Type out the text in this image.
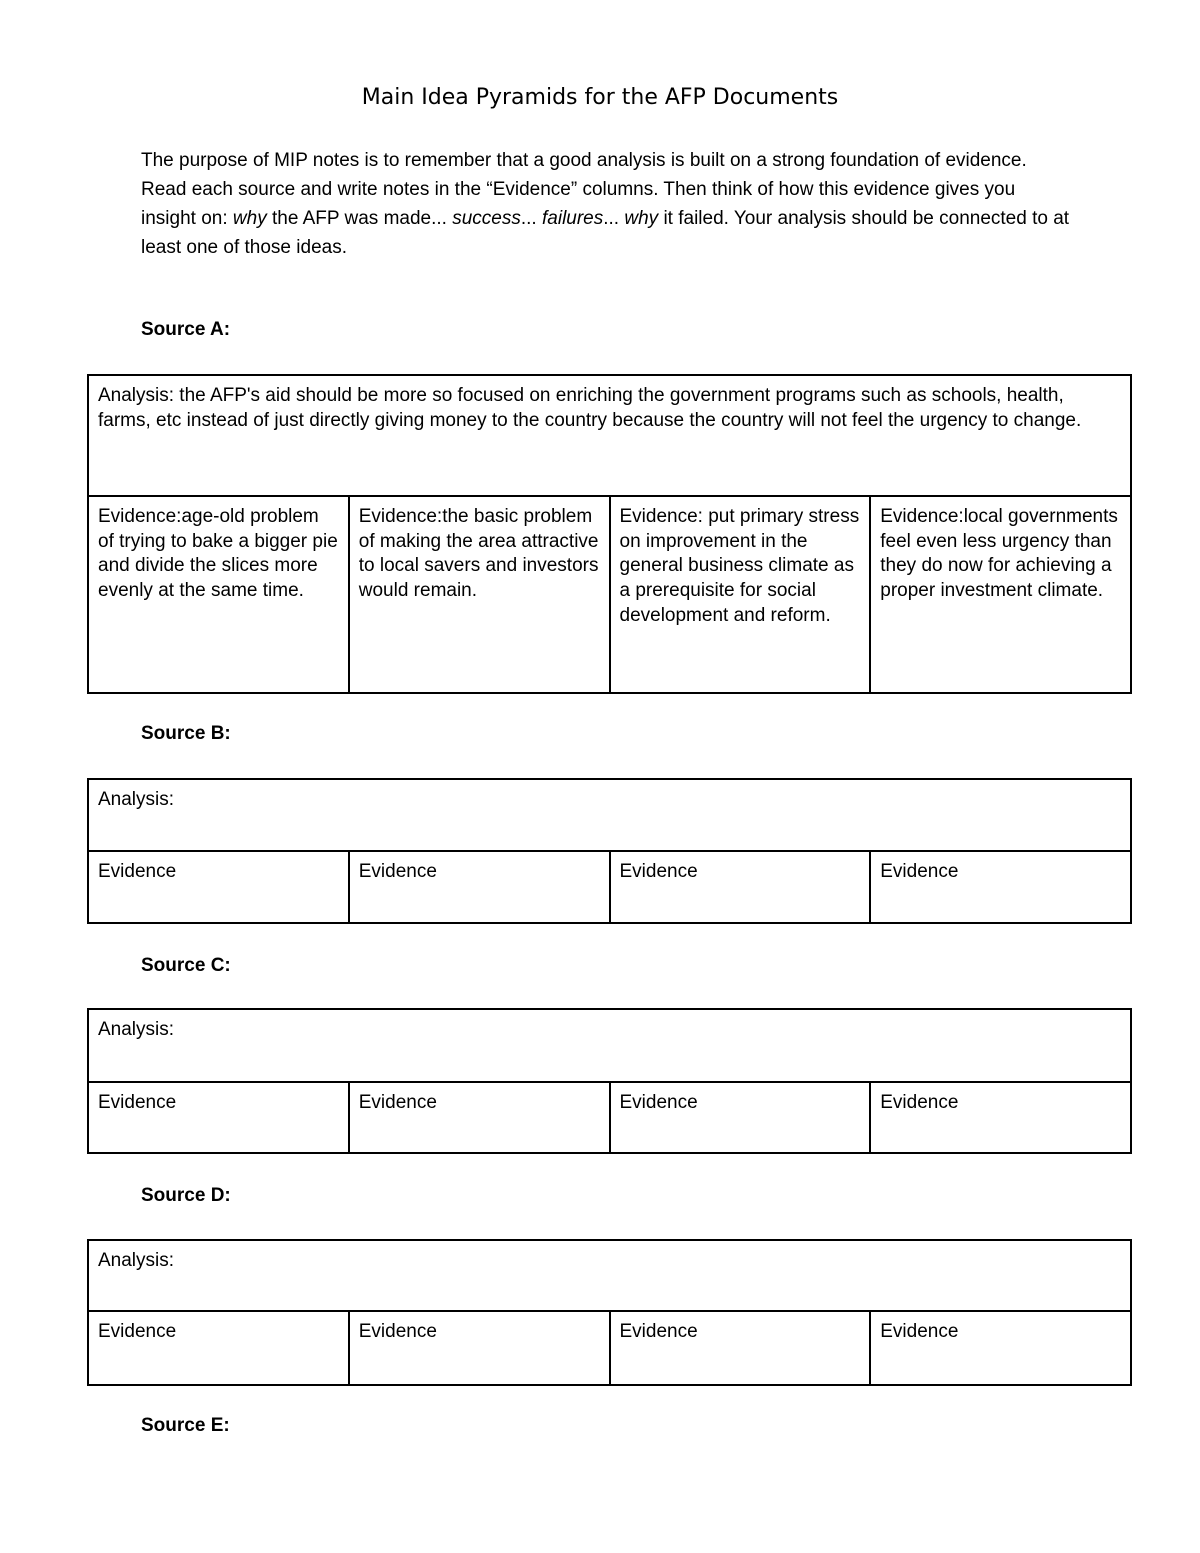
Main Idea Pyramids for the AFP Documents

The purpose of MIP notes is to remember that a good analysis is built on a strong foundation of evidence. Read each source and write notes in the “Evidence” columns. Then think of how this evidence gives you insight on: why the AFP was made... success... failures... why it failed. Your analysis should be connected to at least one of those ideas.

Source A:

Analysis: the AFP's aid should be more so focused on enriching the government programs such as schools, health, farms, etc instead of just directly giving money to the country because the country will not feel the urgency to change.
Evidence:age-old problem of trying to bake a bigger pie and divide the slices more evenly at the same time.	Evidence:the basic problem of making the area attractive to local savers and investors would remain.	Evidence: put primary stress on improvement in the general business climate as a prerequisite for social development and reform.	Evidence:local governments feel even less urgency than they do now for achieving a proper investment climate.

Source B:

Analysis:
Evidence	Evidence	Evidence	Evidence

Source C:

Analysis:
Evidence	Evidence	Evidence	Evidence

Source D:

Analysis:
Evidence	Evidence	Evidence	Evidence

Source E:
